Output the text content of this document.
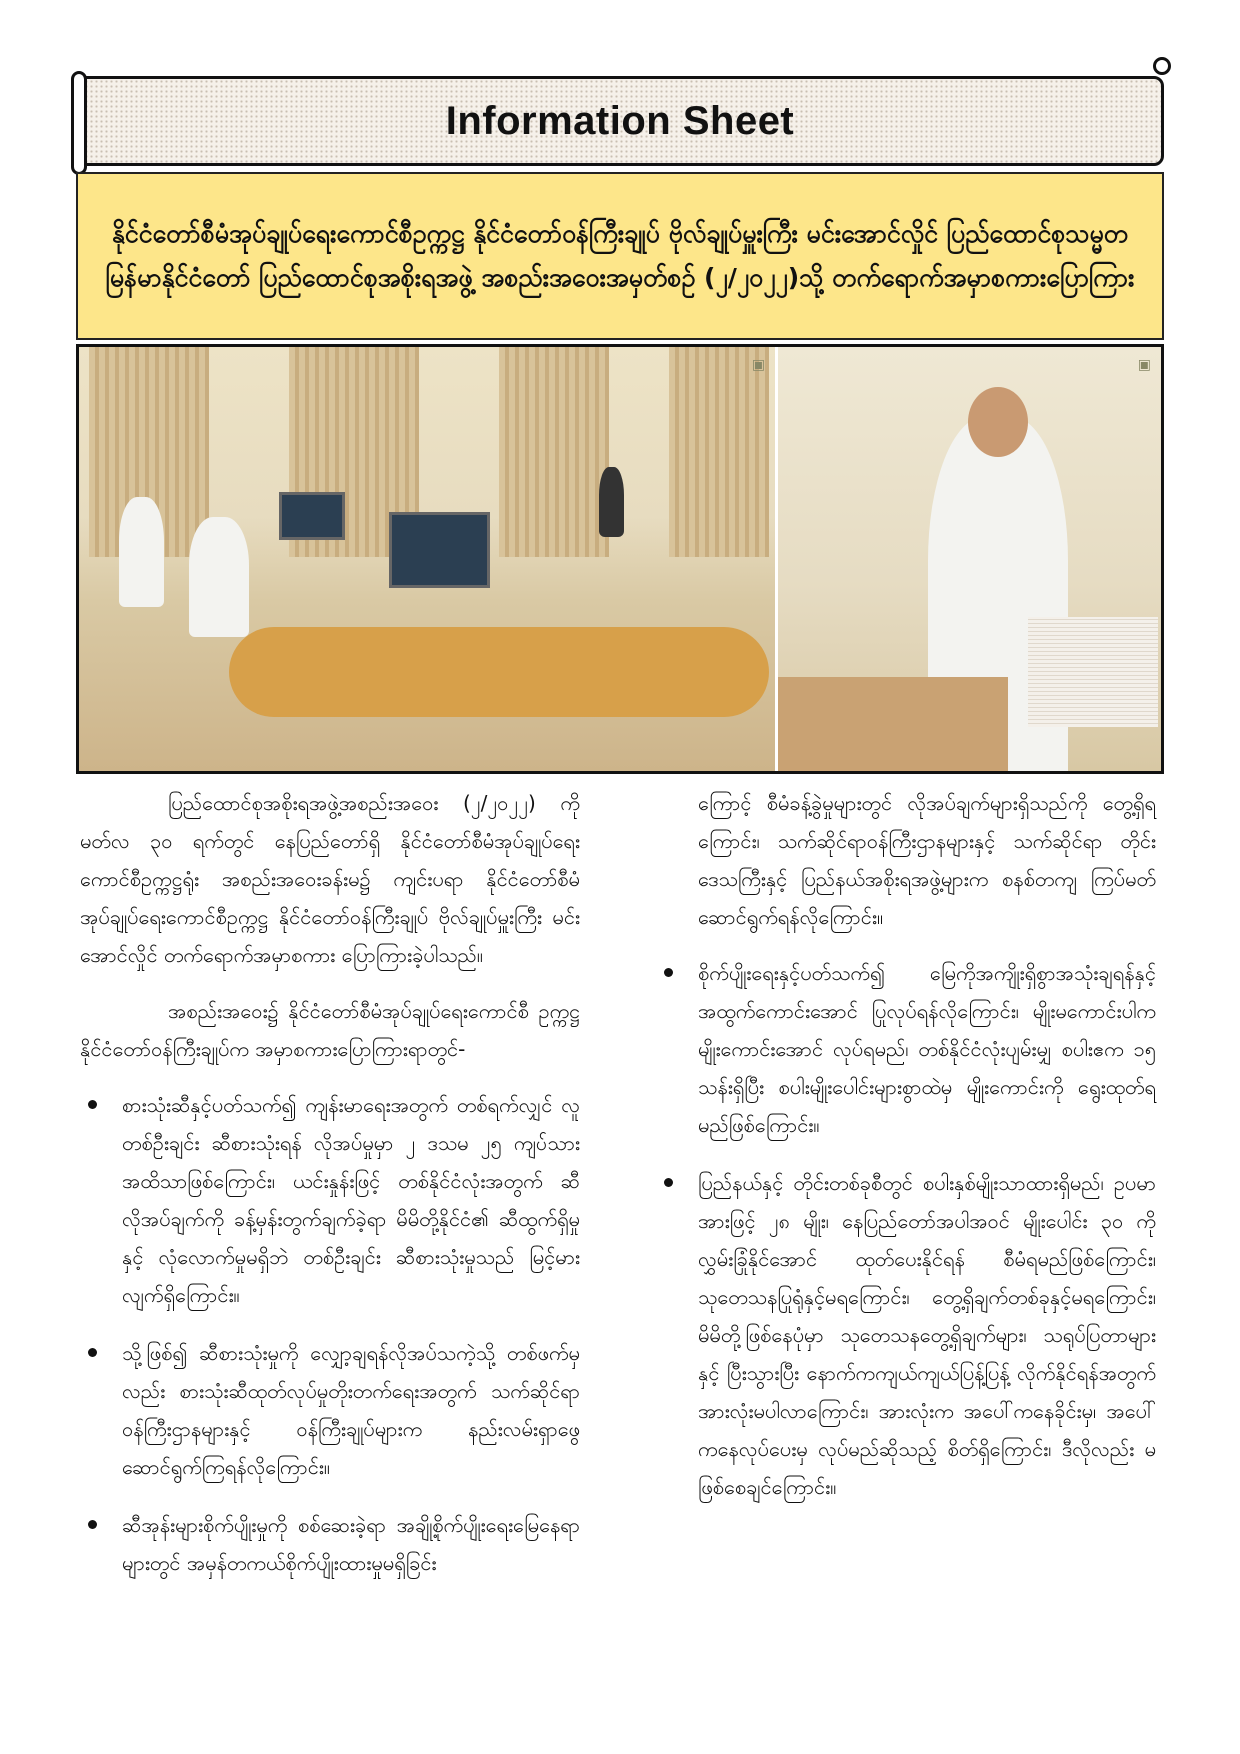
Information Sheet

နိုင်ငံတော်စီမံအုပ်ချုပ်ရေးကောင်စီဥက္ကဋ္ဌ နိုင်ငံတော်ဝန်ကြီးချုပ် ဗိုလ်ချုပ်မှူးကြီး မင်းအောင်လှိုင် ပြည်ထောင်စုသမ္မတမြန်မာနိုင်ငံတော် ပြည်ထောင်စုအစိုးရအဖွဲ့ အစည်းအဝေးအမှတ်စဉ် (၂/၂၀၂၂)သို့ တက်ရောက်အမှာစကားပြောကြား

▣	▣

ပြည်ထောင်စုအစိုးရအဖွဲ့အစည်းအဝေး (၂/၂၀၂၂) ကို မတ်လ ၃၀ ရက်တွင် နေပြည်တော်ရှိ နိုင်ငံတော်စီမံအုပ်ချုပ်ရေးကောင်စီဥက္ကဋ္ဌရုံး အစည်းအဝေးခန်းမ၌ ကျင်းပရာ နိုင်ငံတော်စီမံအုပ်ချုပ်ရေးကောင်စီဥက္ကဋ္ဌ နိုင်ငံတော်ဝန်ကြီးချုပ် ဗိုလ်ချုပ်မှူးကြီး မင်းအောင်လှိုင် တက်ရောက်အမှာစကား ပြောကြားခဲ့ပါသည်။

အစည်းအဝေး၌ နိုင်ငံတော်စီမံအုပ်ချုပ်ရေးကောင်စီ ဥက္ကဋ္ဌ နိုင်ငံတော်ဝန်ကြီးချုပ်က အမှာစကားပြောကြားရာတွင်-

စားသုံးဆီနှင့်ပတ်သက်၍ ကျန်းမာရေးအတွက် တစ်ရက်လျှင် လူတစ်ဦးချင်း ဆီစားသုံးရန် လိုအပ်မှုမှာ ၂ ဒသမ ၂၅ ကျပ်သားအထိသာဖြစ်ကြောင်း၊ ယင်းနှုန်းဖြင့် တစ်နိုင်ငံလုံးအတွက် ဆီလိုအပ်ချက်ကို ခန့်မှန်းတွက်ချက်ခဲ့ရာ မိမိတို့နိုင်ငံ၏ ဆီထွက်ရှိမှုနှင့် လုံလောက်မှုမရှိဘဲ တစ်ဦးချင်း ဆီစားသုံးမှုသည် မြင့်မားလျက်ရှိကြောင်း။
သို့ဖြစ်၍ ဆီစားသုံးမှုကို လျှော့ချရန်လိုအပ်သကဲ့သို့ တစ်ဖက်မှလည်း စားသုံးဆီထုတ်လုပ်မှုတိုးတက်ရေးအတွက် သက်ဆိုင်ရာဝန်ကြီးဌာနများနှင့် ဝန်ကြီးချုပ်များက နည်းလမ်းရှာဖွေဆောင်ရွက်ကြရန်လိုကြောင်း။
ဆီအုန်းများစိုက်ပျိုးမှုကို စစ်ဆေးခဲ့ရာ အချို့စိုက်ပျိုးရေးမြေနေရာများတွင် အမှန်တကယ်စိုက်ပျိုးထားမှုမရှိခြင်း

ကြောင့် စီမံခန့်ခွဲမှုများတွင် လိုအပ်ချက်များရှိသည်ကို တွေ့ရှိရကြောင်း၊ သက်ဆိုင်ရာဝန်ကြီးဌာနများနှင့် သက်ဆိုင်ရာ တိုင်းဒေသကြီးနှင့် ပြည်နယ်အစိုးရအဖွဲ့များက စနစ်တကျ ကြပ်မတ်ဆောင်ရွက်ရန်လိုကြောင်း။

စိုက်ပျိုးရေးနှင့်ပတ်သက်၍ မြေကိုအကျိုးရှိစွာအသုံးချရန်နှင့် အထွက်ကောင်းအောင် ပြုလုပ်ရန်လိုကြောင်း၊ မျိုးမကောင်းပါက မျိုးကောင်းအောင် လုပ်ရမည်၊ တစ်နိုင်ငံလုံးပျမ်းမျှ စပါးဧက ၁၅ သန်းရှိပြီး စပါးမျိုးပေါင်းများစွာထဲမှ မျိုးကောင်းကို ရွေးထုတ်ရမည်ဖြစ်ကြောင်း။
ပြည်နယ်နှင့် တိုင်းတစ်ခုစီတွင် စပါးနှစ်မျိုးသာထားရှိမည်၊ ဥပမာအားဖြင့် ၂၈ မျိုး၊ နေပြည်တော်အပါအဝင် မျိုးပေါင်း ၃၀ ကို လွှမ်းခြုံနိုင်အောင် ထုတ်ပေးနိုင်ရန် စီမံရမည်ဖြစ်ကြောင်း၊ သုတေသနပြုရုံနှင့်မရကြောင်း၊ တွေ့ရှိချက်တစ်ခုနှင့်မရကြောင်း၊ မိမိတို့ဖြစ်နေပုံမှာ သုတေသနတွေ့ရှိချက်များ၊ သရုပ်ပြတာများနှင့် ပြီးသွားပြီး နောက်ကကျယ်ကျယ်ပြန့်ပြန့် လိုက်နိုင်ရန်အတွက် အားလုံးမပါလာကြောင်း၊ အားလုံးက အပေါ်ကနေခိုင်းမှ၊ အပေါ်ကနေလုပ်ပေးမှ လုပ်မည်ဆိုသည့် စိတ်ရှိကြောင်း၊ ဒီလိုလည်း မဖြစ်စေချင်ကြောင်း။
